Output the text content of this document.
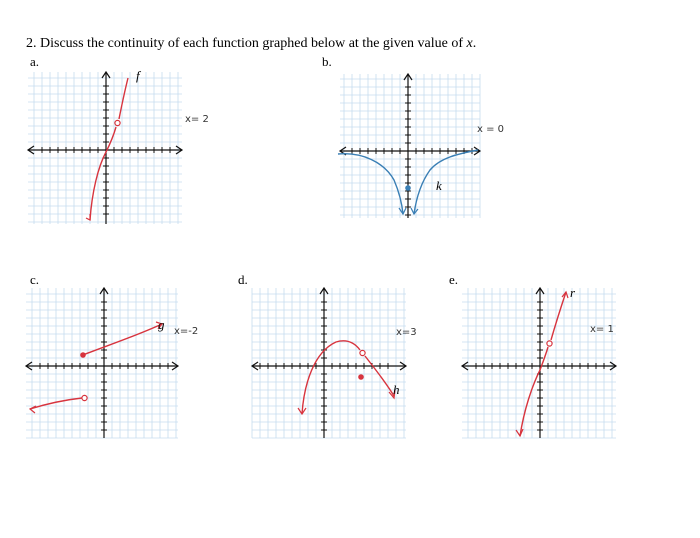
2. Discuss the continuity of each function graphed below at the given value of x.
a.
f
x= 2
b.
k
x = 0
c.
g x=-2
d.
h
x=3
e.
r
x= 1
